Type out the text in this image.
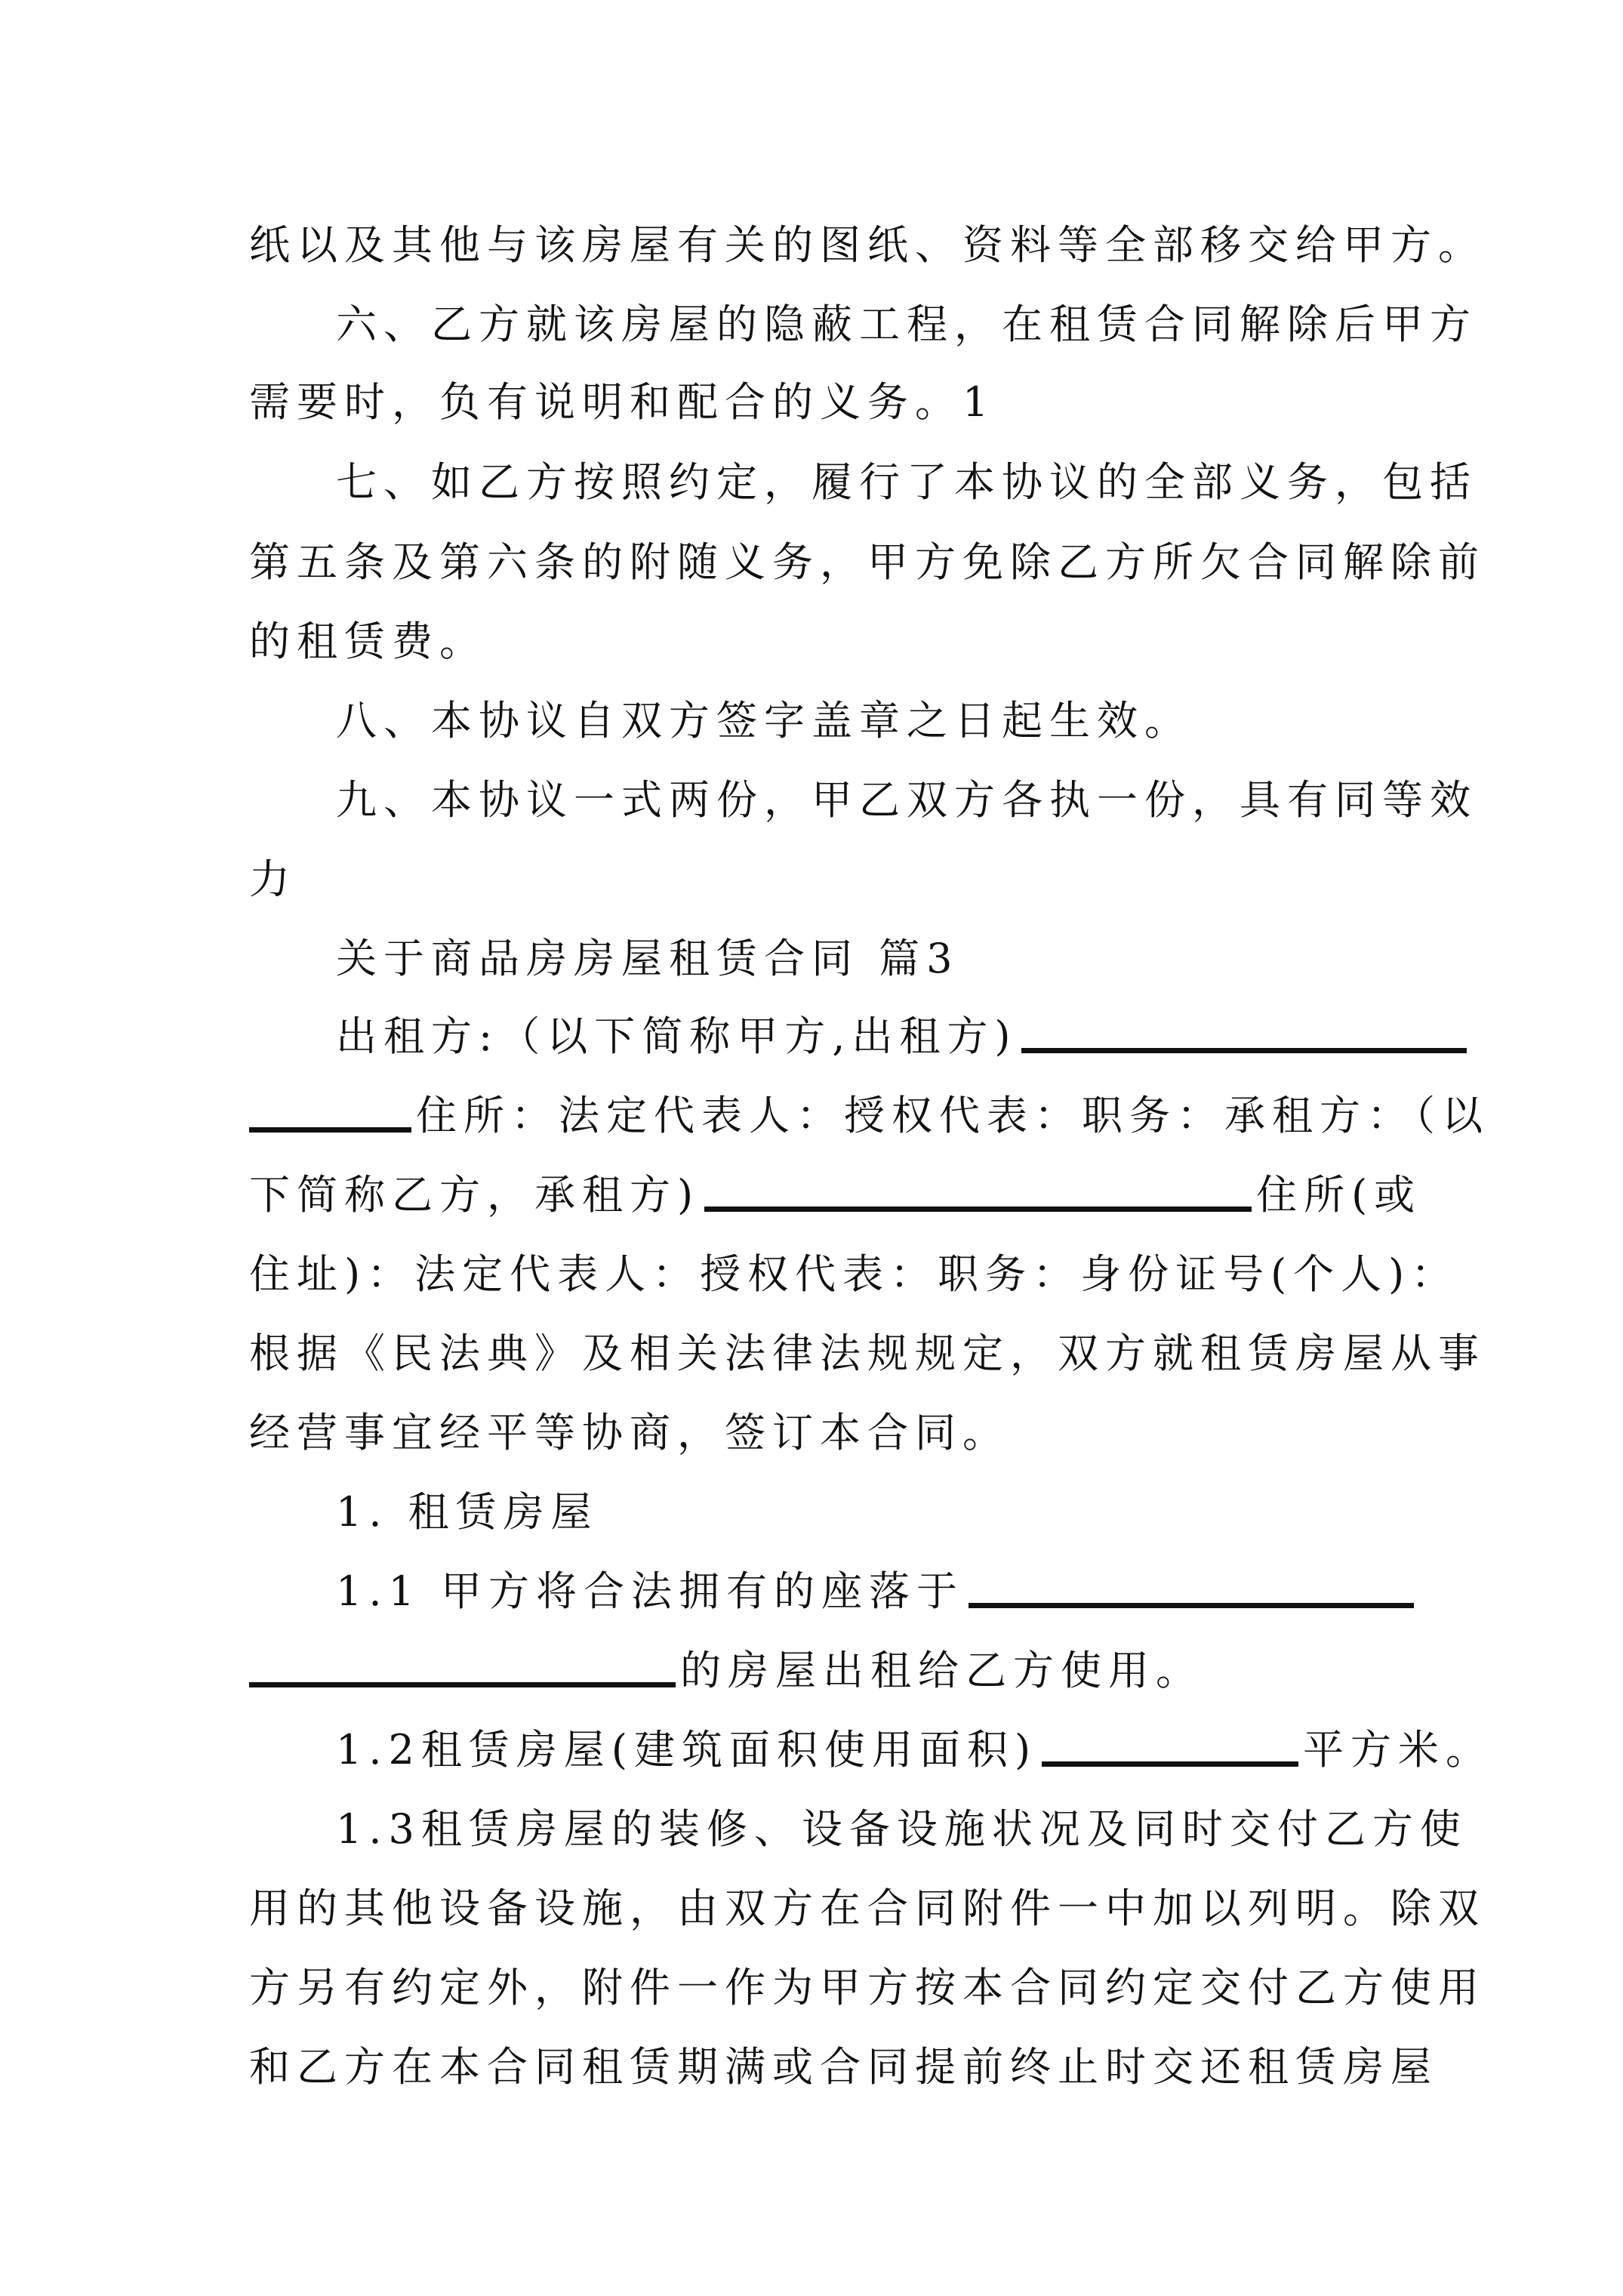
纸以及其他与该房屋有关的图纸、资料等全部移交给甲方。
六、乙方就该房屋的隐蔽工程，在租赁合同解除后甲方
需要时，负有说明和配合的义务。1
七、如乙方按照约定，履行了本协议的全部义务，包括
第五条及第六条的附随义务，甲方免除乙方所欠合同解除前
的租赁费。
八、本协议自双方签字盖章之日起生效。
九、本协议一式两份，甲乙双方各执一份，具有同等效
力
关于商品房房屋租赁合同 篇3
出租方:（以下简称甲方,出租方)
住所：法定代表人：授权代表：职务：承租方：（以
下简称乙方，承租方)	住所(或
住址)：法定代表人：授权代表：职务：身份证号(个人)：
根据《民法典》及相关法律法规规定，双方就租赁房屋从事
经营事宜经平等协商，签订本合同。
1. 租赁房屋
1.1 甲方将合法拥有的座落于
的房屋出租给乙方使用。
1.2租赁房屋(建筑面积使用面积)	平方米。
1.3租赁房屋的装修、设备设施状况及同时交付乙方使
用的其他设备设施，由双方在合同附件一中加以列明。除双
方另有约定外，附件一作为甲方按本合同约定交付乙方使用
和乙方在本合同租赁期满或合同提前终止时交还租赁房屋
